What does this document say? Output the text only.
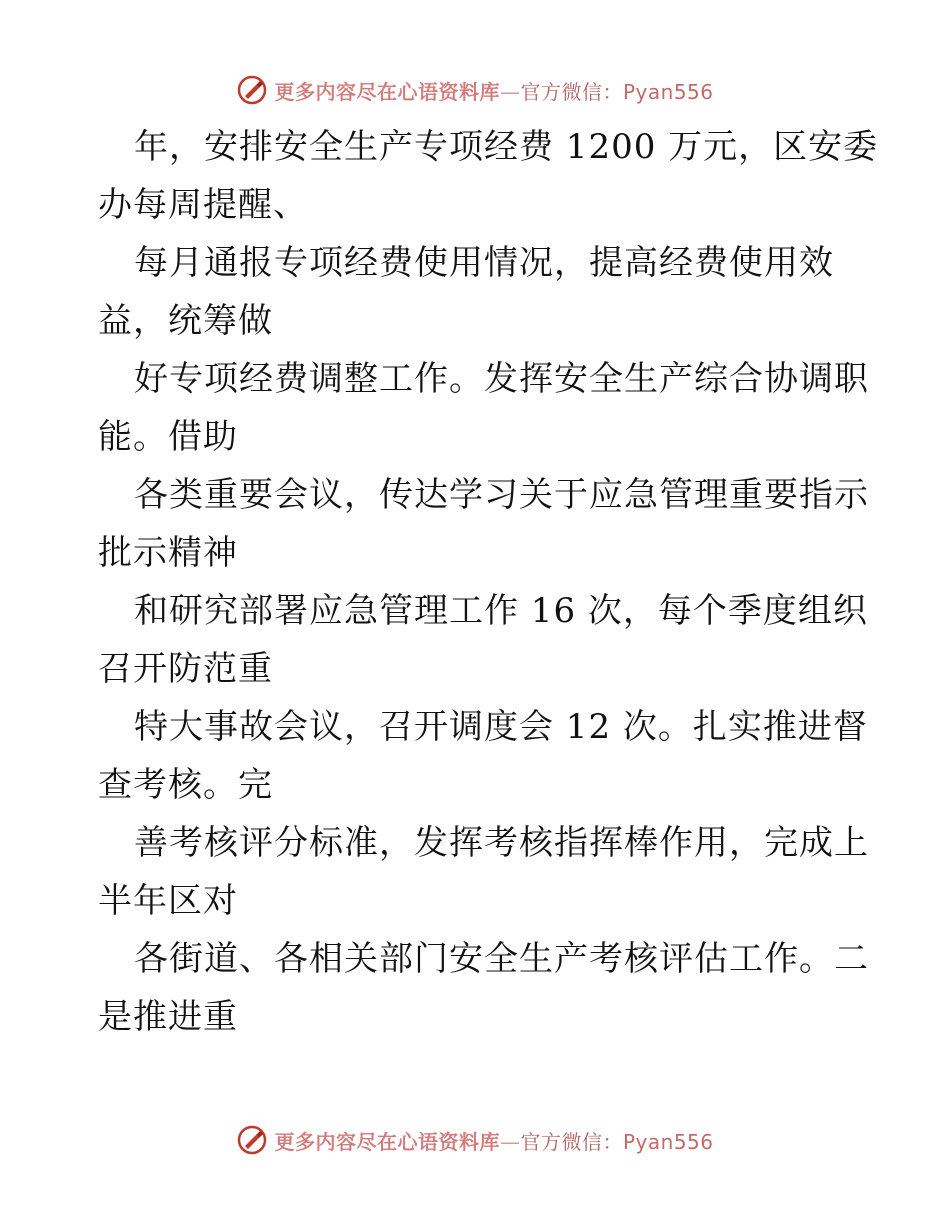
更多内容尽在心语资料库—官方微信：Pyan556
年，安排安全生产专项经费 1200 万元，区安委
办每周提醒、
每月通报专项经费使用情况，提高经费使用效
益，统筹做
好专项经费调整工作。发挥安全生产综合协调职
能。借助
各类重要会议，传达学习关于应急管理重要指示
批示精神
和研究部署应急管理工作 16 次，每个季度组织
召开防范重
特大事故会议，召开调度会 12 次。扎实推进督
查考核。完
善考核评分标准，发挥考核指挥棒作用，完成上
半年区对
各街道、各相关部门安全生产考核评估工作。二
是推进重
更多内容尽在心语资料库—官方微信：Pyan556
